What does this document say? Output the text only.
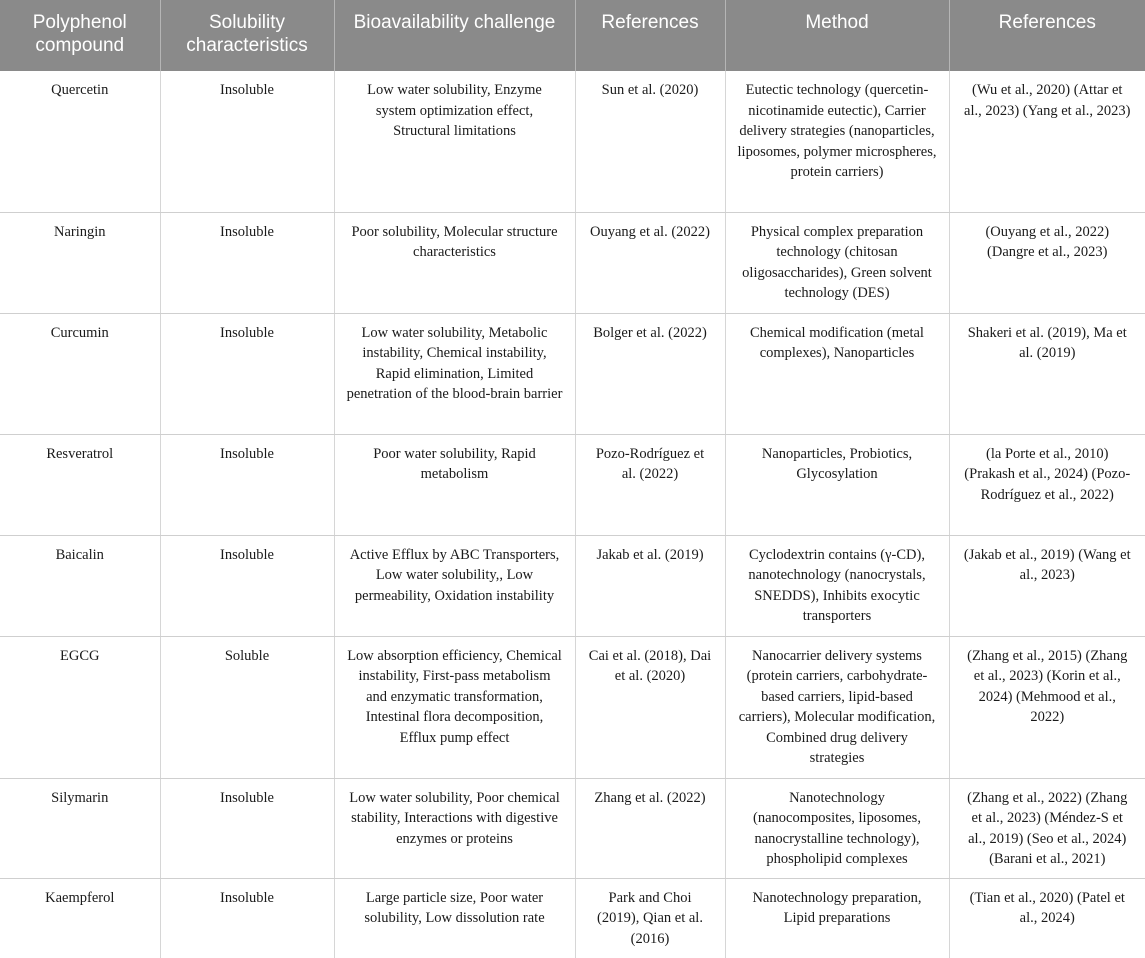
Polyphenol compound	Solubility characteristics	Bioavailability challenge	References	Method	References
Quercetin	Insoluble	Low water solubility, Enzyme system optimization effect, Structural limitations	Sun et al. (2020)	Eutectic technology (quercetin-nicotinamide eutectic), Carrier delivery strategies (nanoparticles, liposomes, polymer microspheres, protein carriers)	(Wu et al., 2020) (Attar et al., 2023) (Yang et al., 2023)
Naringin	Insoluble	Poor solubility, Molecular structure characteristics	Ouyang et al. (2022)	Physical complex preparation technology (chitosan oligosaccharides), Green solvent technology (DES)	(Ouyang et al., 2022) (Dangre et al., 2023)
Curcumin	Insoluble	Low water solubility, Metabolic instability, Chemical instability, Rapid elimination, Limited penetration of the blood-brain barrier	Bolger et al. (2022)	Chemical modification (metal complexes), Nanoparticles	Shakeri et al. (2019), Ma et al. (2019)
Resveratrol	Insoluble	Poor water solubility, Rapid metabolism	Pozo-Rodríguez et al. (2022)	Nanoparticles, Probiotics, Glycosylation	(la Porte et al., 2010) (Prakash et al., 2024) (Pozo-Rodríguez et al., 2022)
Baicalin	Insoluble	Active Efflux by ABC Transporters, Low water solubility,, Low permeability, Oxidation instability	Jakab et al. (2019)	Cyclodextrin contains (γ-CD), nanotechnology (nanocrystals, SNEDDS), Inhibits exocytic transporters	(Jakab et al., 2019) (Wang et al., 2023)
EGCG	Soluble	Low absorption efficiency, Chemical instability, First-pass metabolism and enzymatic transformation, Intestinal flora decomposition, Efflux pump effect	Cai et al. (2018), Dai et al. (2020)	Nanocarrier delivery systems (protein carriers, carbohydrate-based carriers, lipid-based carriers), Molecular modification, Combined drug delivery strategies	(Zhang et al., 2015) (Zhang et al., 2023) (Korin et al., 2024) (Mehmood et al., 2022)
Silymarin	Insoluble	Low water solubility, Poor chemical stability, Interactions with digestive enzymes or proteins	Zhang et al. (2022)	Nanotechnology (nanocomposites, liposomes, nanocrystalline technology), phospholipid complexes	(Zhang et al., 2022) (Zhang et al., 2023) (Méndez-S et al., 2019) (Seo et al., 2024) (Barani et al., 2021)
Kaempferol	Insoluble	Large particle size, Poor water solubility, Low dissolution rate	Park and Choi (2019), Qian et al. (2016)	Nanotechnology preparation, Lipid preparations	(Tian et al., 2020) (Patel et al., 2024)
